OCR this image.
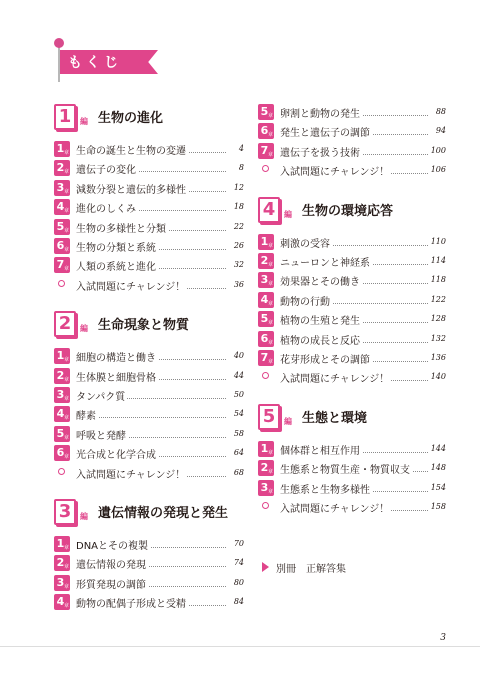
もくじ
1	編 生物の進化
1 章 生命の誕生と生物の変遷	4
2 章 遺伝子の変化	8
3 章 減数分裂と遺伝的多様性	12
4 章 進化のしくみ	18
5 章 生物の多様性と分類	22
6 章 生物の分類と系統	26
7 章 人類の系統と進化	32
入試問題にチャレンジ！	36
2	編 生命現象と物質
1 章 細胞の構造と働き	40
2 章 生体膜と細胞骨格	44
3 章 タンパク質	50
4 章 酵素	54
5 章 呼吸と発酵	58
6 章 光合成と化学合成	64
入試問題にチャレンジ！	68
3	編 遺伝情報の発現と発生
1 章 DNAとその複製	70
2 章 遺伝情報の発現	74
3 章 形質発現の調節	80
4 章 動物の配偶子形成と受精	84
5 章 卵割と動物の発生	88
6 章 発生と遺伝子の調節	94
7 章 遺伝子を扱う技術	100
入試問題にチャレンジ！	106
4	編 生物の環境応答
1 章 刺激の受容	110
2 章 ニューロンと神経系	114
3 章 効果器とその働き	118
4 章 動物の行動	122
5 章 植物の生殖と発生	128
6 章 植物の成長と反応	132
7 章 花芽形成とその調節	136
入試問題にチャレンジ！	140
5	編 生態と環境
1 章 個体群と相互作用	144
2 章 生態系と物質生産・物質収支	148
3 章 生態系と生物多様性	154
入試問題にチャレンジ！	158
別冊　正解答集
3
